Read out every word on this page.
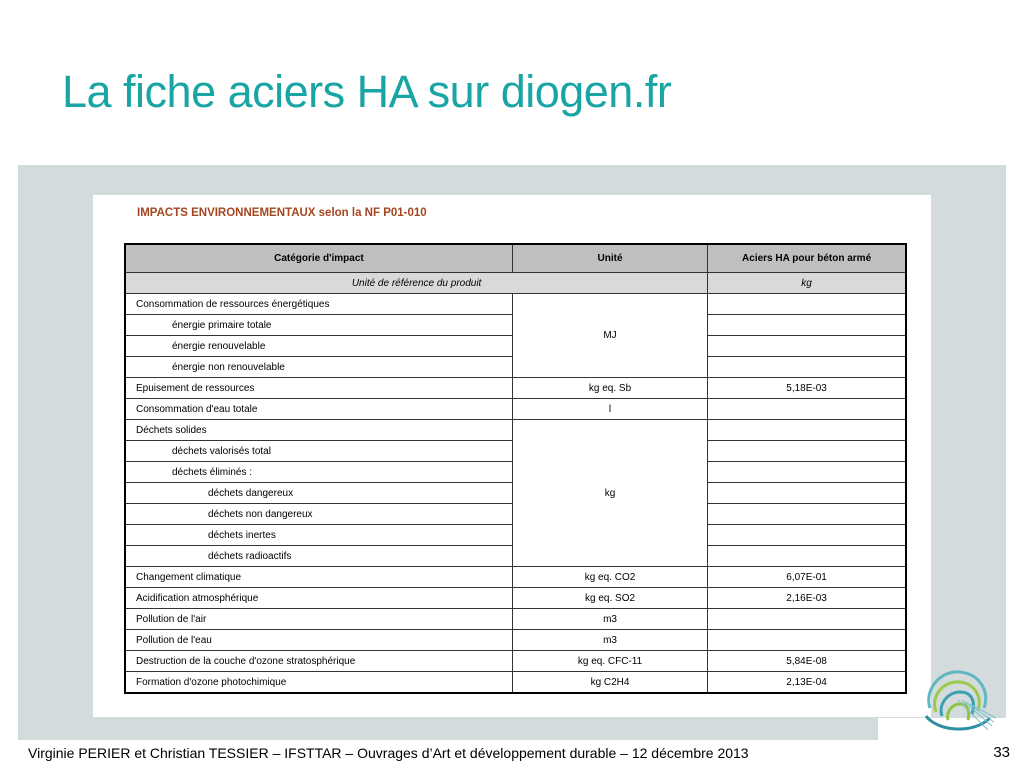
La fiche aciers HA sur diogen.fr

IMPACTS ENVIRONNEMENTAUX selon la NF P01-010

Catégorie d'impact	Unité	Aciers HA pour béton armé
Unité de référence du produit		kg
Consommation de ressources énergétiques	MJ	
énergie primaire totale		
énergie renouvelable		
énergie non renouvelable		
Epuisement de ressources	kg eq. Sb	5,18E-03
Consommation d'eau totale	l	
Déchets solides	kg	
déchets valorisés total		
déchets éliminés :		
déchets dangereux		
déchets non dangereux		
déchets inertes		
déchets radioactifs		
Changement climatique	kg eq. CO2	6,07E-01
Acidification atmosphérique	kg eq. SO2	2,16E-03
Pollution de l'air	m3	
Pollution de l'eau	m3	
Destruction de la couche d'ozone stratosphérique	kg eq. CFC-11	5,84E-08
Formation d'ozone photochimique	kg C2H4	2,13E-04
Virginie PERIER et Christian TESSIER – IFSTTAR – Ouvrages d’Art et développement durable – 12 décembre 2013	33
